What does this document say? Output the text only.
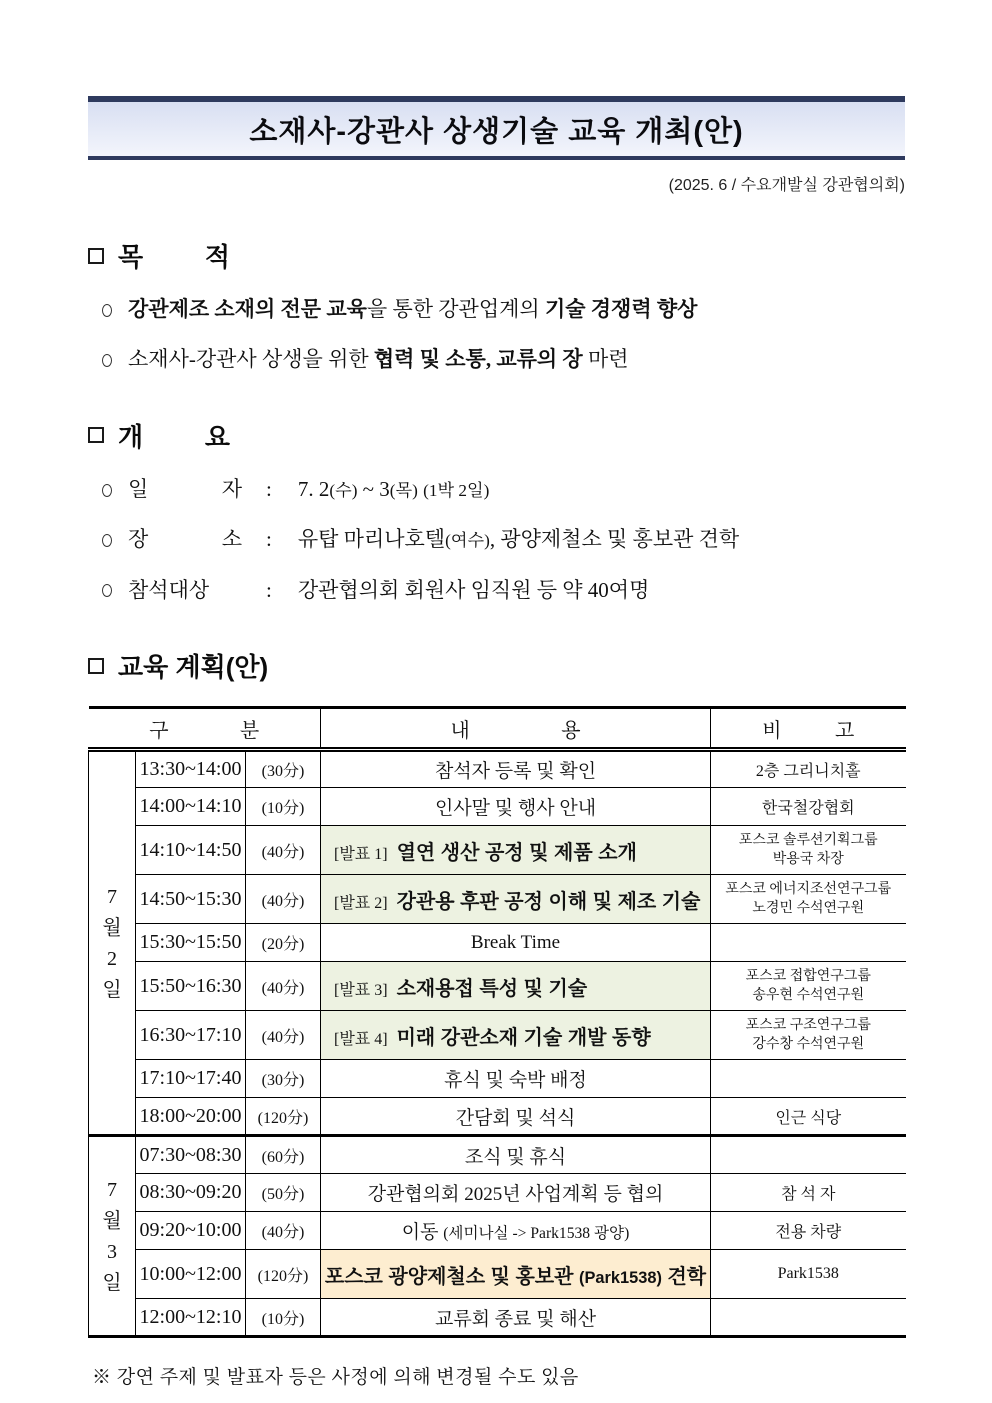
소재사-강관사 상생기술 교육 개최(안)
(2025. 6 / 수요개발실 강관협의회)
목 적
강관제조 소재의 전문 교육을 통한 강관업계의 기술 경쟁력 향상
소재사-강관사 상생을 위한 협력 및 소통, 교류의 장 마련
개 요
일 자	:	7. 2(수) ~ 3(목) (1박 2일)
장 소	:	유탑 마리나호텔(여수), 광양제철소 및 홍보관 견학
참석대상	:	강관협의회 회원사 임직원 등 약 40여명
교육 계획(안)
구 분			내 용	비 고

7
월
2
일	13:30~14:00	(30分)	참석자 등록 및 확인	2층 그리니치홀
	14:00~14:10	(10分)	인사말 및 행사 안내	한국철강협회
	14:10~14:50	(40分)	[발표 1] 열연 생산 공정 및 제품 소개	포스코 솔루션기획그룹
박용국 차장

	14:50~15:30	(40分)	[발표 2] 강관용 후판 공정 이해 및 제조 기술	포스코 에너지조선연구그룹
노경민 수석연구원

	15:30~15:50	(20分)	Break Time	
	15:50~16:30	(40分)	[발표 3] 소재용접 특성 및 기술	포스코 접합연구그룹
송우현 수석연구원

	16:30~17:10	(40分)	[발표 4] 미래 강관소재 기술 개발 동향	포스코 구조연구그룹
강수창 수석연구원

	17:10~17:40	(30分)	휴식 및 숙박 배정	
	18:00~20:00	(120分)	간담회 및 석식	인근 식당

7
월
3
일	07:30~08:30	(60分)	조식 및 휴식	
	08:30~09:20	(50分)	강관협의회 2025년 사업계획 등 협의	참 석 자
	09:20~10:00	(40分)	이동 (세미나실 -> Park1538 광양)	전용 차량
	10:00~12:00	(120分)	포스코 광양제철소 및 홍보관 (Park1538) 견학	Park1538
	12:00~12:10	(10分)	교류회 종료 및 해산	
※ 강연 주제 및 발표자 등은 사정에 의해 변경될 수도 있음
